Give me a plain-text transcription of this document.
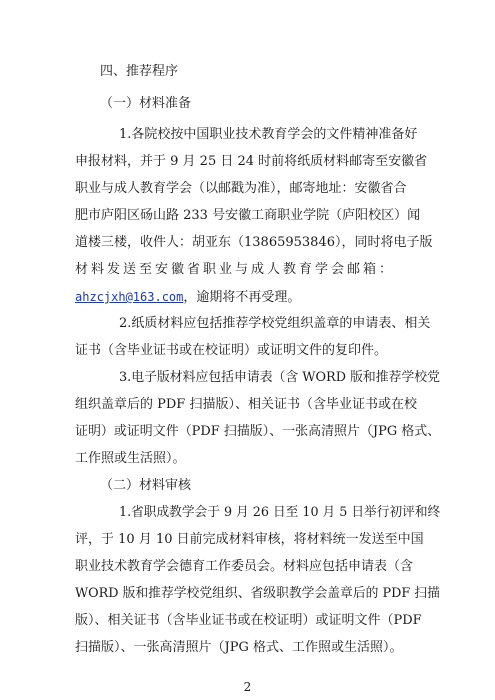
四、推荐程序
（一）材料准备
1.各院校按中国职业技术教育学会的文件精神准备好
申报材料，并于 9 月 25 日 24 时前将纸质材料邮寄至安徽省
职业与成人教育学会（以邮戳为准），邮寄地址：安徽省合
肥市庐阳区砀山路 233 号安徽工商职业学院（庐阳校区）闻
道楼三楼，收件人：胡亚东（13865953846），同时将电子版
材料发送至安徽省职业与成人教育学会邮箱：
ahzcjxh@163.com，逾期将不再受理。
2.纸质材料应包括推荐学校党组织盖章的申请表、相关
证书（含毕业证书或在校证明）或证明文件的复印件。
3.电子版材料应包括申请表（含 WORD 版和推荐学校党
组织盖章后的 PDF 扫描版）、相关证书（含毕业证书或在校
证明）或证明文件（PDF 扫描版）、一张高清照片（JPG 格式、
工作照或生活照）。
（二）材料审核
1.省职成教学会于 9 月 26 日至 10 月 5 日举行初评和终
评，于 10 月 10 日前完成材料审核，将材料统一发送至中国
职业技术教育学会德育工作委员会。材料应包括申请表（含
WORD 版和推荐学校党组织、省级职教学会盖章后的 PDF 扫描
版）、相关证书（含毕业证书或在校证明）或证明文件（PDF
扫描版）、一张高清照片（JPG 格式、工作照或生活照）。
2
